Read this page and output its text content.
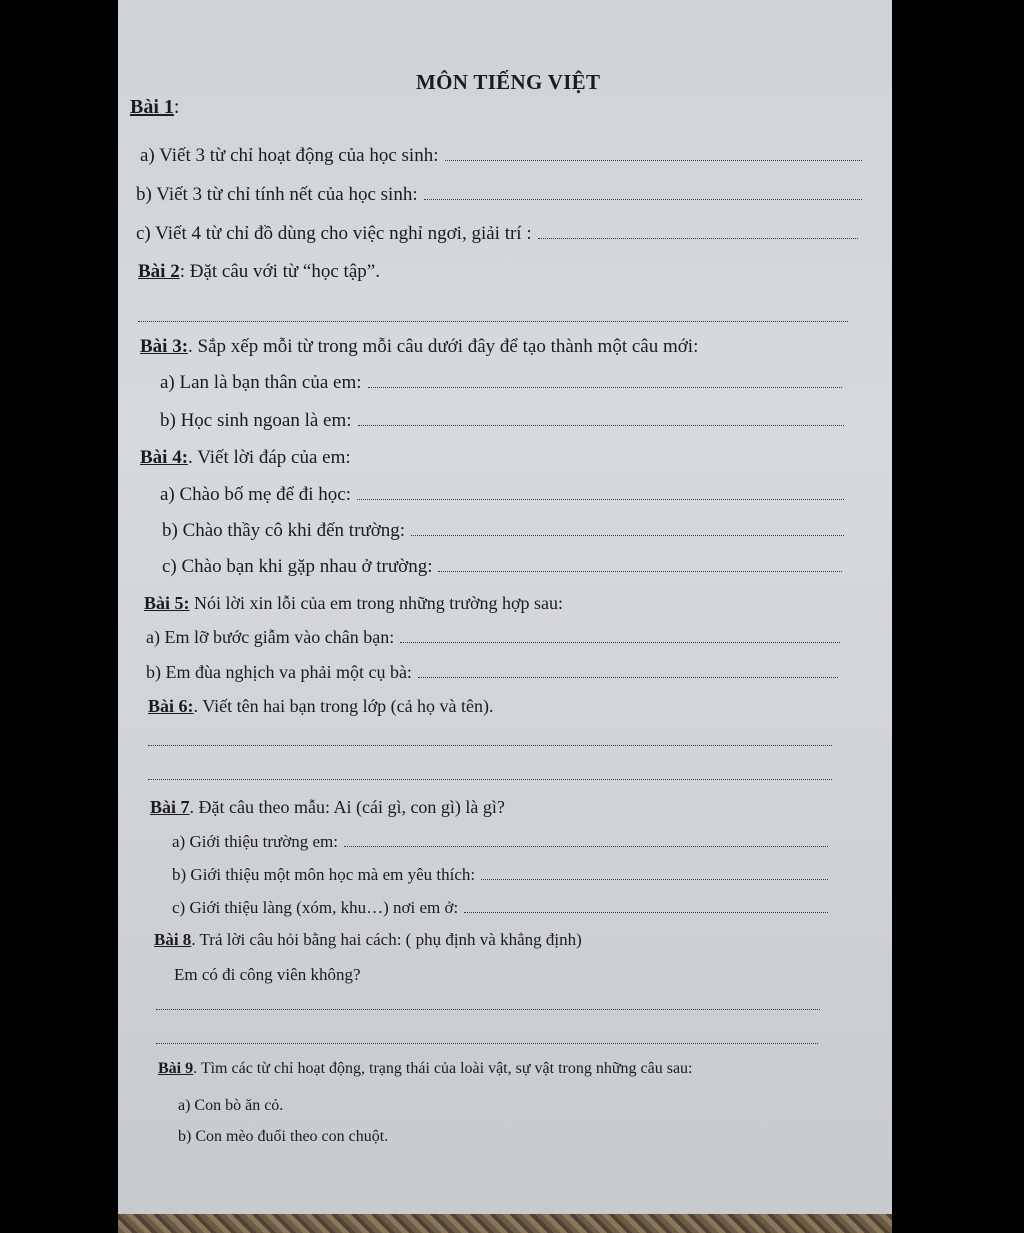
MÔN TIẾNG VIỆT
Bài 1 :
a) Viết 3 từ chỉ hoạt động của học sinh:
b) Viết 3 từ chỉ tính nết của học sinh:
c) Viết 4 từ chỉ đồ dùng cho việc nghỉ ngơi, giải trí :
Bài 2 : Đặt câu với từ “học tập”.
Bài 3: . Sắp xếp mỗi từ trong mỗi câu dưới đây để tạo thành một câu mới:
a) Lan là bạn thân của em:
b) Học sinh ngoan là em:
Bài 4: . Viết lời đáp của em:
a) Chào bố mẹ để đi học:
b) Chào thầy cô khi đến trường:
c) Chào bạn khi gặp nhau ở trường:
Bài 5: Nói lời xin lỗi của em trong những trường hợp sau:
a) Em lỡ bước giẫm vào chân bạn:
b) Em đùa nghịch va phải một cụ bà:
Bài 6: . Viết tên hai bạn trong lớp (cả họ và tên).
Bài 7 . Đặt câu theo mẫu: Ai (cái gì, con gì) là gì?
a) Giới thiệu trường em:
b) Giới thiệu một môn học mà em yêu thích:
c) Giới thiệu làng (xóm, khu…) nơi em ở:
Bài 8 . Trả lời câu hỏi bằng hai cách: ( phụ định và khẳng định)
Em có đi công viên không?
Bài 9 . Tìm các từ chỉ hoạt động, trạng thái của loài vật, sự vật trong những câu sau:
a) Con bò ăn cỏ.
b) Con mèo đuổi theo con chuột.
